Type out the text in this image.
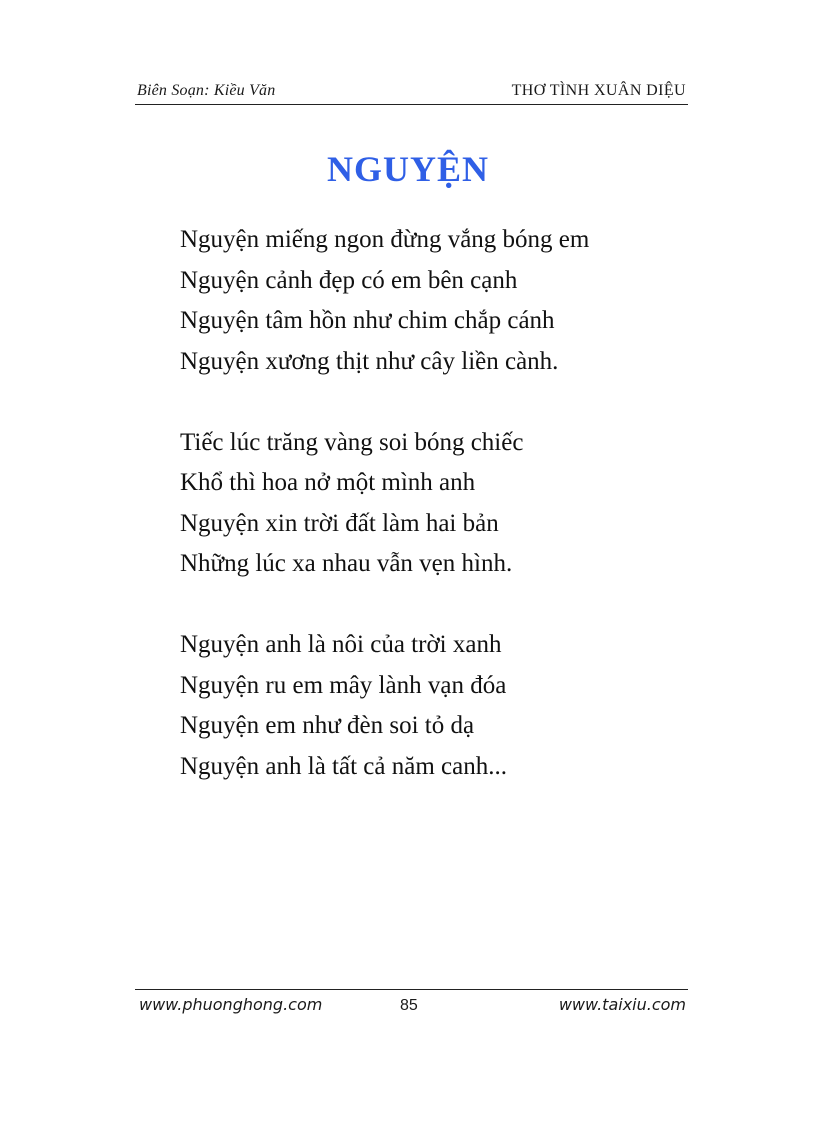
Biên Soạn: Kiều Văn	THƠ TÌNH XUÂN DIỆU
NGUYỆN
Nguyện miếng ngon đừng vắng bóng em
Nguyện cảnh đẹp có em bên cạnh
Nguyện tâm hồn như chim chắp cánh
Nguyện xương thịt như cây liền cành.
Tiếc lúc trăng vàng soi bóng chiếc
Khổ thì hoa nở một mình anh
Nguyện xin trời đất làm hai bản
Những lúc xa nhau vẫn vẹn hình.
Nguyện anh là nôi của trời xanh
Nguyện ru em mây lành vạn đóa
Nguyện em như đèn soi tỏ dạ
Nguyện anh là tất cả năm canh...
www.phuonghong.com	85	www.taixiu.com
